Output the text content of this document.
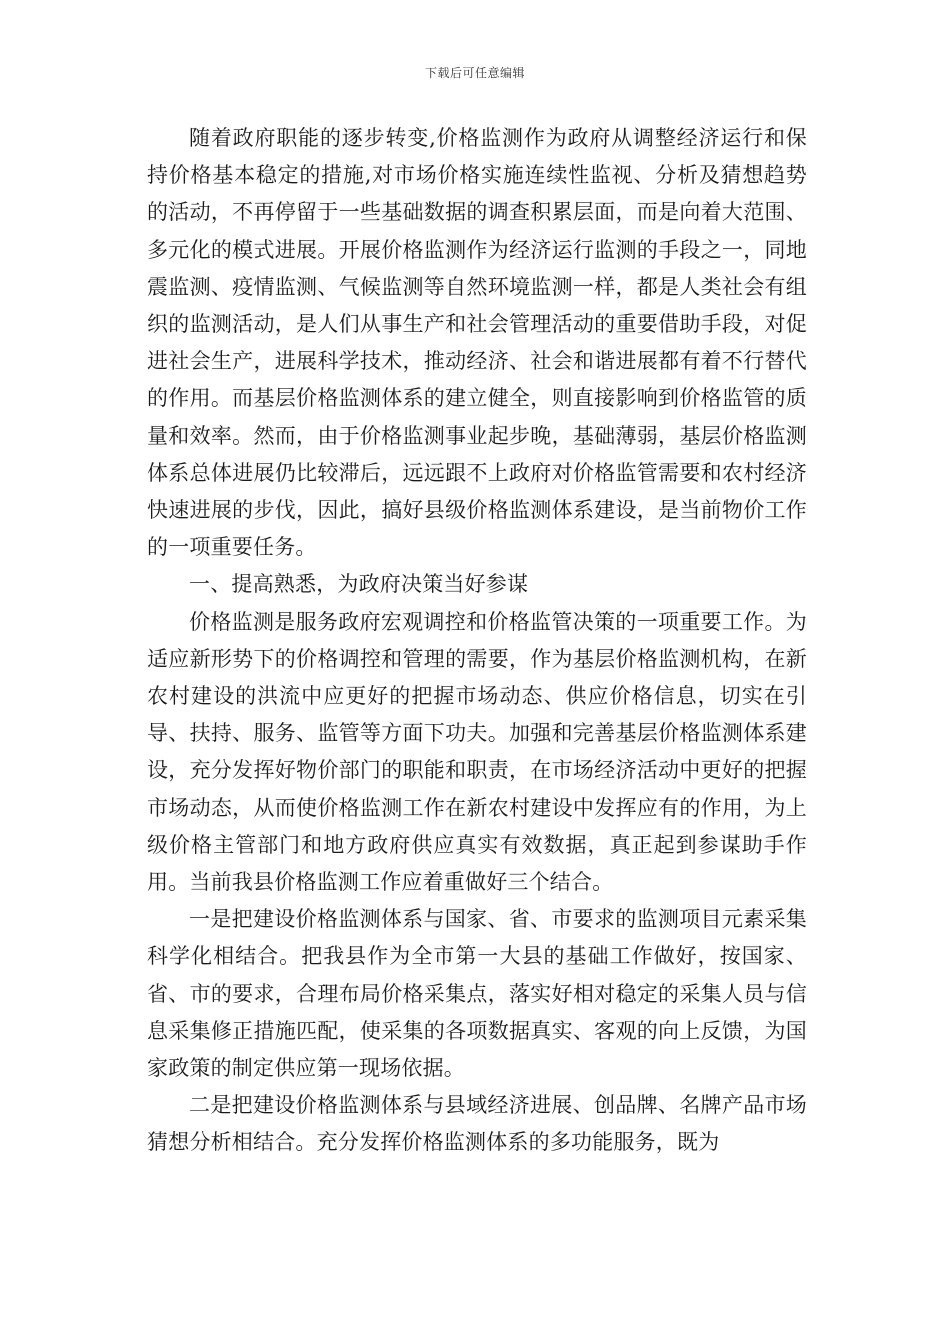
下载后可任意编辑

随着政府职能的逐步转变,价格监测作为政府从调整经济运行和保持价格基本稳定的措施,对市场价格实施连续性监视、分析及猜想趋势的活动，不再停留于一些基础数据的调查积累层面，而是向着大范围、多元化的模式进展。开展价格监测作为经济运行监测的手段之一，同地震监测、疫情监测、气候监测等自然环境监测一样，都是人类社会有组织的监测活动，是人们从事生产和社会管理活动的重要借助手段，对促进社会生产，进展科学技术，推动经济、社会和谐进展都有着不行替代的作用。而基层价格监测体系的建立健全，则直接影响到价格监管的质量和效率。然而，由于价格监测事业起步晚，基础薄弱，基层价格监测体系总体进展仍比较滞后，远远跟不上政府对价格监管需要和农村经济快速进展的步伐，因此，搞好县级价格监测体系建设，是当前物价工作的一项重要任务。

一、提高熟悉，为政府决策当好参谋

价格监测是服务政府宏观调控和价格监管决策的一项重要工作。为适应新形势下的价格调控和管理的需要，作为基层价格监测机构，在新农村建设的洪流中应更好的把握市场动态、供应价格信息，切实在引导、扶持、服务、监管等方面下功夫。加强和完善基层价格监测体系建设，充分发挥好物价部门的职能和职责，在市场经济活动中更好的把握市场动态，从而使价格监测工作在新农村建设中发挥应有的作用，为上级价格主管部门和地方政府供应真实有效数据，真正起到参谋助手作用。当前我县价格监测工作应着重做好三个结合。

一是把建设价格监测体系与国家、省、市要求的监测项目元素采集科学化相结合。把我县作为全市第一大县的基础工作做好，按国家、省、市的要求，合理布局价格采集点，落实好相对稳定的采集人员与信息采集修正措施匹配，使采集的各项数据真实、客观的向上反馈，为国家政策的制定供应第一现场依据。

二是把建设价格监测体系与县域经济进展、创品牌、名牌产品市场猜想分析相结合。充分发挥价格监测体系的多功能服务，既为
